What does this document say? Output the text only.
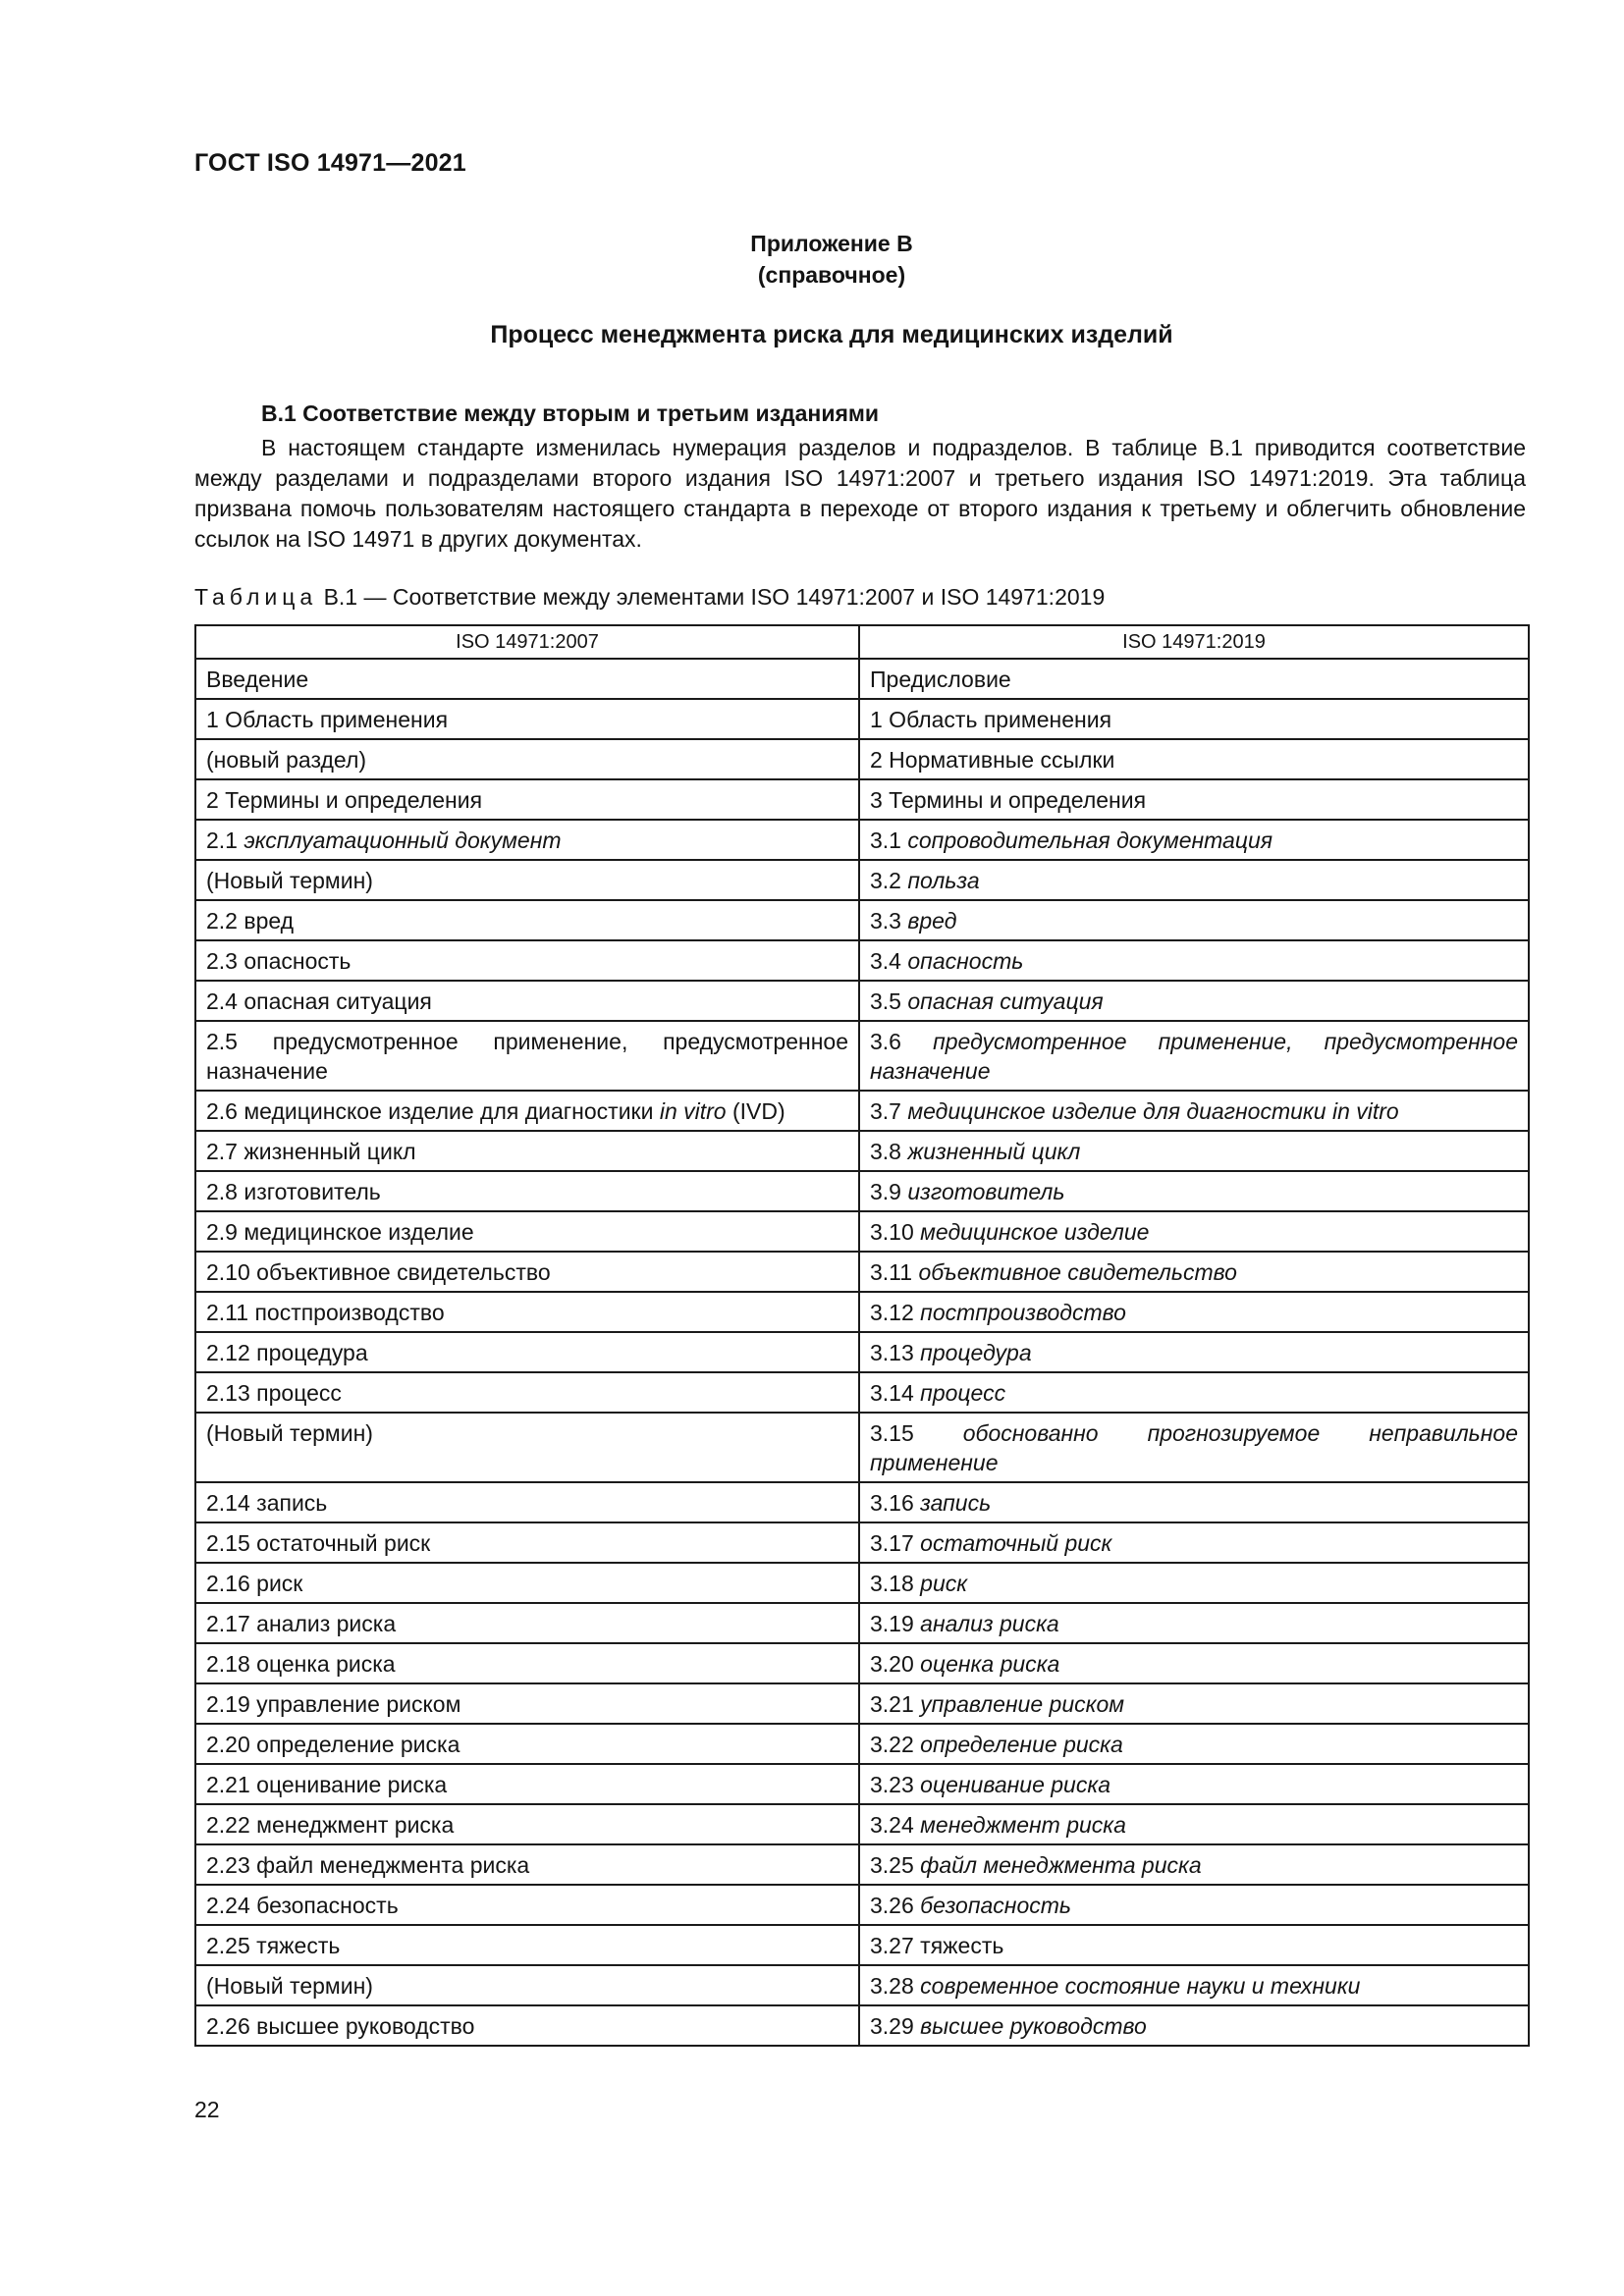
ГОСТ ISO 14971—2021
Приложение В
(справочное)
Процесс менеджмента риска для медицинских изделий
В.1 Соответствие между вторым и третьим изданиями

В настоящем стандарте изменилась нумерация разделов и подразделов. В таблице В.1 приводится соответствие между разделами и подразделами второго издания ISO 14971:2007 и третьего издания ISO 14971:2019. Эта таблица призвана помочь пользователям настоящего стандарта в переходе от второго издания к третьему и облегчить обновление ссылок на ISO 14971 в других документах.

Таблица В.1 — Соответствие между элементами ISO 14971:2007 и ISO 14971:2019
ISO 14971:2007	ISO 14971:2019
Введение	Предисловие
1 Область применения	1 Область применения
(новый раздел)	2 Нормативные ссылки
2 Термины и определения	3 Термины и определения
2.1 эксплуатационный документ	3.1 сопроводительная документация
(Новый термин)	3.2 польза
2.2 вред	3.3 вред
2.3 опасность	3.4 опасность
2.4 опасная ситуация	3.5 опасная ситуация
2.5 предусмотренное применение, предусмотренное назначение	3.6 предусмотренное применение, предусмотренное назначение
2.6 медицинское изделие для диагностики in vitro (IVD)	3.7 медицинское изделие для диагностики in vitro
2.7 жизненный цикл	3.8 жизненный цикл
2.8 изготовитель	3.9 изготовитель
2.9 медицинское изделие	3.10 медицинское изделие
2.10 объективное свидетельство	3.11 объективное свидетельство
2.11 постпроизводство	3.12 постпроизводство
2.12 процедура	3.13 процедура
2.13 процесс	3.14 процесс
(Новый термин)	3.15 обоснованно прогнозируемое неправильное применение
2.14 запись	3.16 запись
2.15 остаточный риск	3.17 остаточный риск
2.16 риск	3.18 риск
2.17 анализ риска	3.19 анализ риска
2.18 оценка риска	3.20 оценка риска
2.19 управление риском	3.21 управление риском
2.20 определение риска	3.22 определение риска
2.21 оценивание риска	3.23 оценивание риска
2.22 менеджмент риска	3.24 менеджмент риска
2.23 файл менеджмента риска	3.25 файл менеджмента риска
2.24 безопасность	3.26 безопасность
2.25 тяжесть	3.27 тяжесть
(Новый термин)	3.28 современное состояние науки и техники
2.26 высшее руководство	3.29 высшее руководство
22
